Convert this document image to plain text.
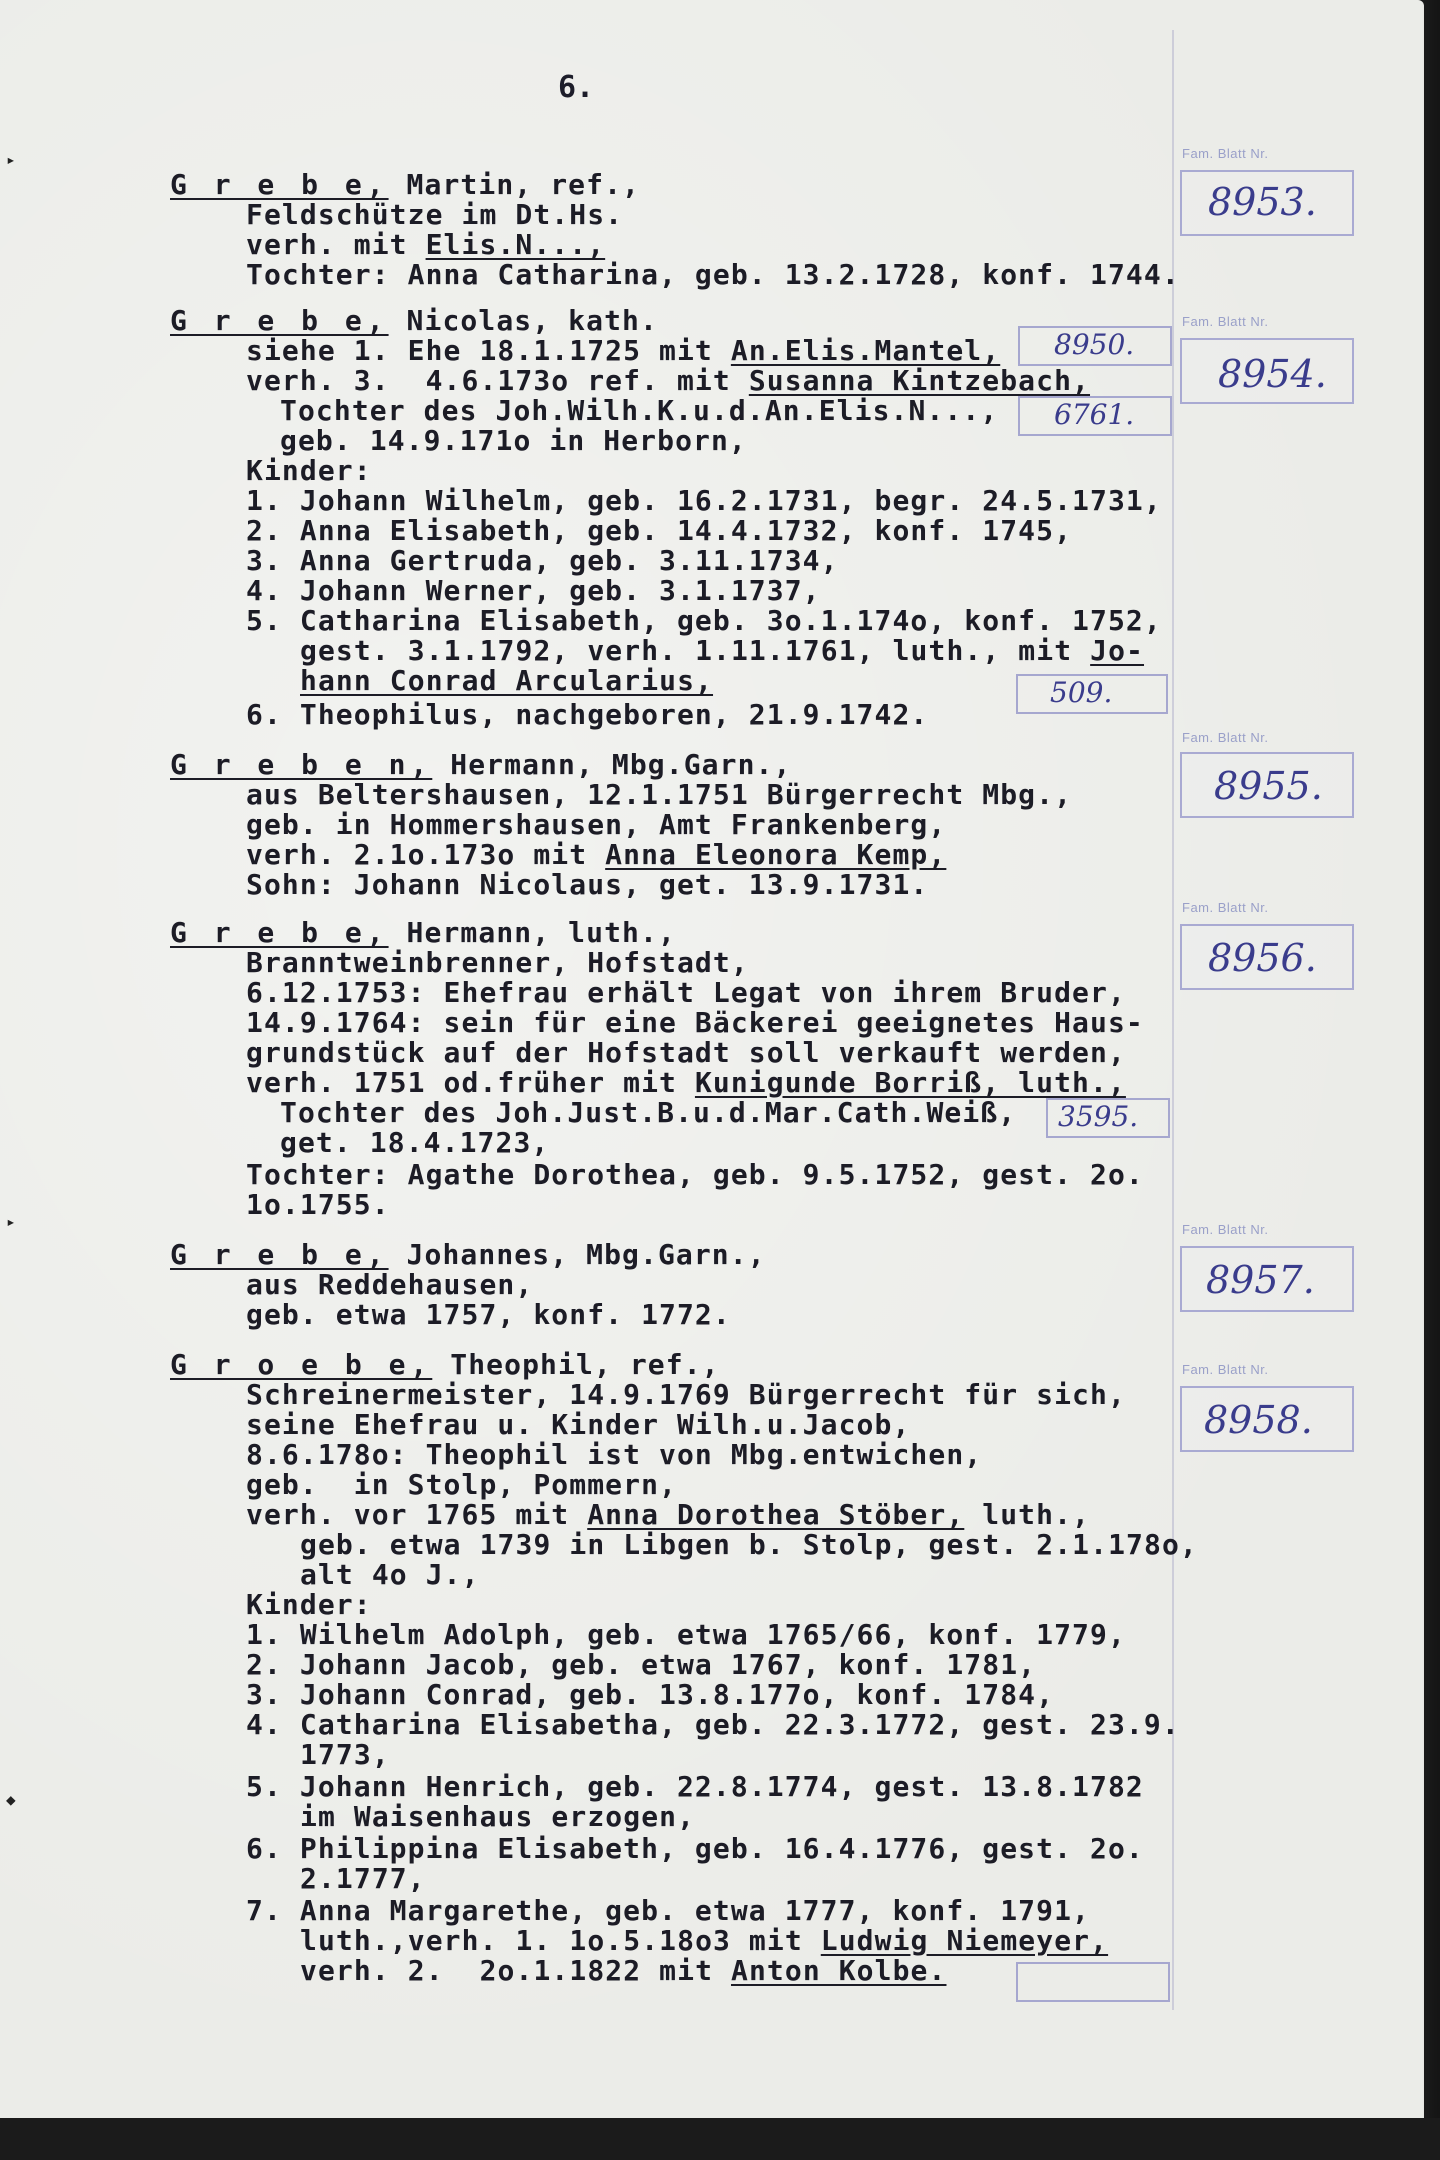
▸
▸
◆
6.
G r e b e, Martin, ref.,
Feldschütze im Dt.Hs.
verh. mit Elis.N...,
Tochter: Anna Catharina, geb. 13.2.1728, konf. 1744.
Fam. Blatt Nr.
8953.
G r e b e, Nicolas, kath.
siehe 1. Ehe 18.1.1725 mit An.Elis.Mantel,
verh. 3.  4.6.173o ref. mit Susanna Kintzebach,
Tochter des Joh.Wilh.K.u.d.An.Elis.N...,
geb. 14.9.171o in Herborn,
Kinder:
1. Johann Wilhelm, geb. 16.2.1731, begr. 24.5.1731,
2. Anna Elisabeth, geb. 14.4.1732, konf. 1745,
3. Anna Gertruda, geb. 3.11.1734,
4. Johann Werner, geb. 3.1.1737,
5. Catharina Elisabeth, geb. 3o.1.174o, konf. 1752,
gest. 3.1.1792, verh. 1.11.1761, luth., mit Jo-
hann Conrad Arcularius,
6. Theophilus, nachgeboren, 21.9.1742.
8950.
6761.
509.
Fam. Blatt Nr.
8954.
G r e b e n, Hermann, Mbg.Garn.,
aus Beltershausen, 12.1.1751 Bürgerrecht Mbg.,
geb. in Hommershausen, Amt Frankenberg,
verh. 2.1o.173o mit Anna Eleonora Kemp,
Sohn: Johann Nicolaus, get. 13.9.1731.
Fam. Blatt Nr.
8955.
G r e b e, Hermann, luth.,
Branntweinbrenner, Hofstadt,
6.12.1753: Ehefrau erhält Legat von ihrem Bruder,
14.9.1764: sein für eine Bäckerei geeignetes Haus-
grundstück auf der Hofstadt soll verkauft werden,
verh. 1751 od.früher mit Kunigunde Borriß, luth.,
Tochter des Joh.Just.B.u.d.Mar.Cath.Weiß,
get. 18.4.1723,
Tochter: Agathe Dorothea, geb. 9.5.1752, gest. 2o.
1o.1755.
3595.
Fam. Blatt Nr.
8956.
G r e b e, Johannes, Mbg.Garn.,
aus Reddehausen,
geb. etwa 1757, konf. 1772.
Fam. Blatt Nr.
8957.
G r o e b e, Theophil, ref.,
Schreinermeister, 14.9.1769 Bürgerrecht für sich,
seine Ehefrau u. Kinder Wilh.u.Jacob,
8.6.178o: Theophil ist von Mbg.entwichen,
geb.  in Stolp, Pommern,
verh. vor 1765 mit Anna Dorothea Stöber, luth.,
geb. etwa 1739 in Libgen b. Stolp, gest. 2.1.178o,
alt 4o J.,
Kinder:
1. Wilhelm Adolph, geb. etwa 1765/66, konf. 1779,
2. Johann Jacob, geb. etwa 1767, konf. 1781,
3. Johann Conrad, geb. 13.8.177o, konf. 1784,
4. Catharina Elisabetha, geb. 22.3.1772, gest. 23.9.
1773,
5. Johann Henrich, geb. 22.8.1774, gest. 13.8.1782
im Waisenhaus erzogen,
6. Philippina Elisabeth, geb. 16.4.1776, gest. 2o.
2.1777,
7. Anna Margarethe, geb. etwa 1777, konf. 1791,
luth.,verh. 1. 1o.5.18o3 mit Ludwig Niemeyer,
verh. 2.  2o.1.1822 mit Anton Kolbe.
Fam. Blatt Nr.
8958.
